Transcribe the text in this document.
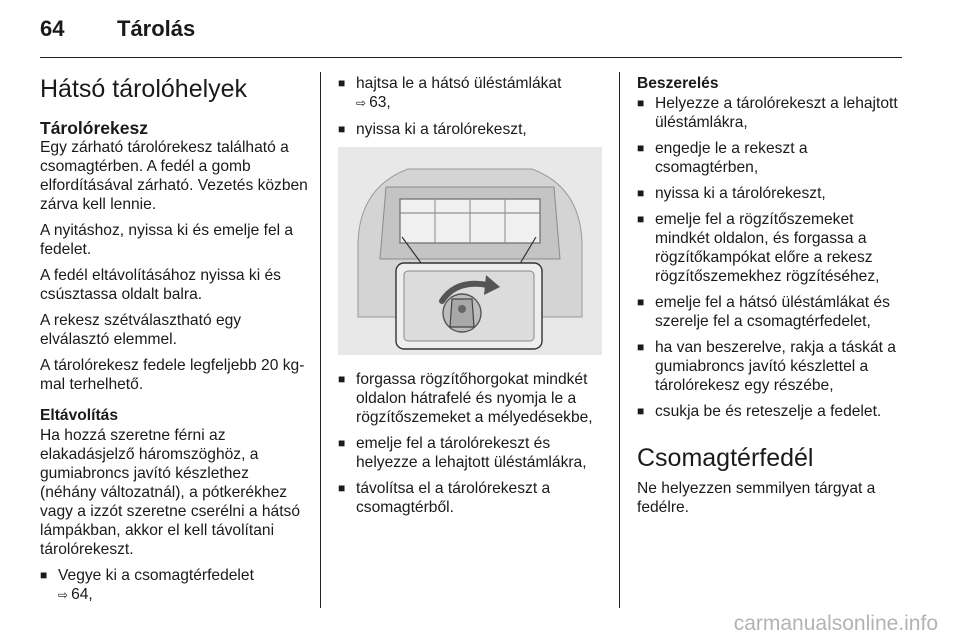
64 Tárolás
Hátsó tárolóhelyek
Tárolórekesz

Egy zárható tárolórekesz található a csomagtérben. A fedél a gomb elfordításával zárható. Vezetés közben zárva kell lennie.

A nyitáshoz, nyissa ki és emelje fel a fedelet.

A fedél eltávolításához nyissa ki és csúsztassa oldalt balra.

A rekesz szétválasztható egy elválasztó elemmel.

A tárolórekesz fedele legfeljebb 20 kg-mal terhelhető.

Eltávolítás

Ha hozzá szeretne férni az elakadásjelző háromszöghöz, a gumiabroncs javító készlethez (néhány változatnál), a pótkerékhez vagy a izzót szeretne cserélni a hátsó lámpákban, akkor el kell távolítani tárolórekeszt.

■ Vegye ki a csomagtérfedelet
⇨ 64,
■ hajtsa le a hátsó üléstámlákat
⇨ 63,
■ nyissa ki a tárolórekeszt,
■ forgassa rögzítőhorgokat mindkét oldalon hátrafelé és nyomja le a rögzítőszemeket a mélyedésekbe,
■ emelje fel a tárolórekeszt és helyezze a lehajtott üléstámlákra,
■ távolítsa el a tárolórekeszt a csomagtérből.
Beszerelés
■ Helyezze a tárolórekeszt a lehajtott üléstámlákra,
■ engedje le a rekeszt a csomagtérben,
■ nyissa ki a tárolórekeszt,
■ emelje fel a rögzítőszemeket mindkét oldalon, és forgassa a rögzítőkampókat előre a rekesz rögzítőszemekhez rögzítéséhez,
■ emelje fel a hátsó üléstámlákat és szerelje fel a csomagtérfedelet,
■ ha van beszerelve, rakja a táskát a gumiabroncs javító készlettel a tárolórekesz egy részébe,
■ csukja be és reteszelje a fedelet.
Csomagtérfedél

Ne helyezzen semmilyen tárgyat a fedélre.

carmanualsonline.info
